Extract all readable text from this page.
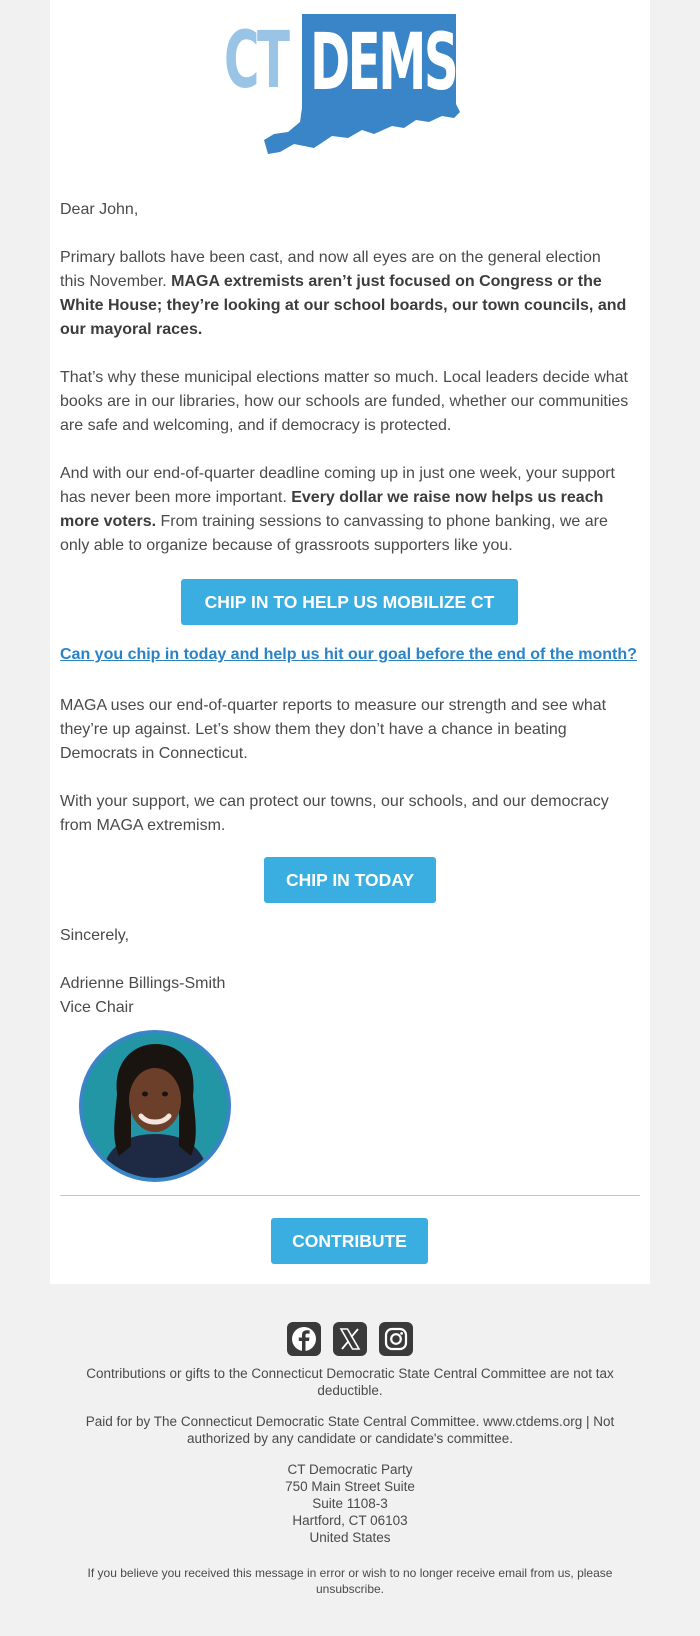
CT DEMS

Dear John,

Primary ballots have been cast, and now all eyes are on the general election this November. MAGA extremists aren’t just focused on Congress or the White House; they’re looking at our school boards, our town councils, and our mayoral races.

That’s why these municipal elections matter so much. Local leaders decide what books are in our libraries, how our schools are funded, whether our communities are safe and welcoming, and if democracy is protected.

And with our end-of-quarter deadline coming up in just one week, your support has never been more important. Every dollar we raise now helps us reach more voters. From training sessions to canvassing to phone banking, we are only able to organize because of grassroots supporters like you.

CHIP IN TO HELP US MOBILIZE CT
Can you chip in today and help us hit our goal before the end of the month?

MAGA uses our end-of-quarter reports to measure our strength and see what they’re up against. Let’s show them they don’t have a chance in beating Democrats in Connecticut.

With your support, we can protect our towns, our schools, and our democracy from MAGA extremism.

CHIP IN TODAY

Sincerely,

Adrienne Billings-Smith

Vice Chair

CONTRIBUTE

Contributions or gifts to the Connecticut Democratic State Central Committee are not tax deductible.

Paid for by The Connecticut Democratic State Central Committee. www.ctdems.org | Not authorized by any candidate or candidate's committee.

CT Democratic Party
750 Main Street Suite
Suite 1108-3
Hartford, CT 06103
United States

If you believe you received this message in error or wish to no longer receive email from us, please unsubscribe.
